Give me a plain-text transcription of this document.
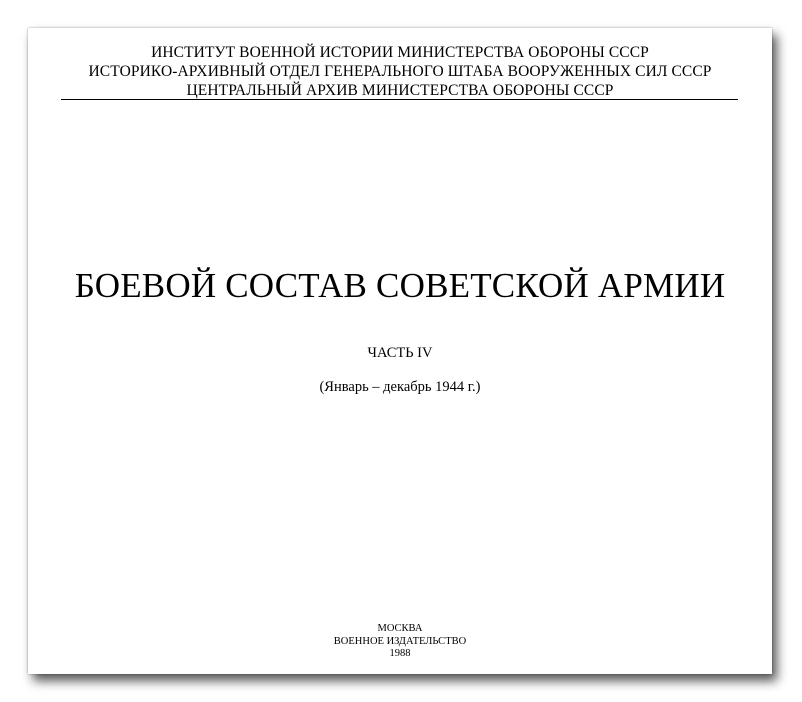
ИНСТИТУТ ВОЕННОЙ ИСТОРИИ МИНИСТЕРСТВА ОБОРОНЫ СССР
ИСТОРИКО-АРХИВНЫЙ ОТДЕЛ ГЕНЕРАЛЬНОГО ШТАБА ВООРУЖЕННЫХ СИЛ СССР
ЦЕНТРАЛЬНЫЙ АРХИВ МИНИСТЕРСТВА ОБОРОНЫ СССР
БОЕВОЙ СОСТАВ СОВЕТСКОЙ АРМИИ
ЧАСТЬ IV
(Январь – декабрь 1944 г.)
МОСКВА
ВОЕННОЕ ИЗДАТЕЛЬСТВО
1988
